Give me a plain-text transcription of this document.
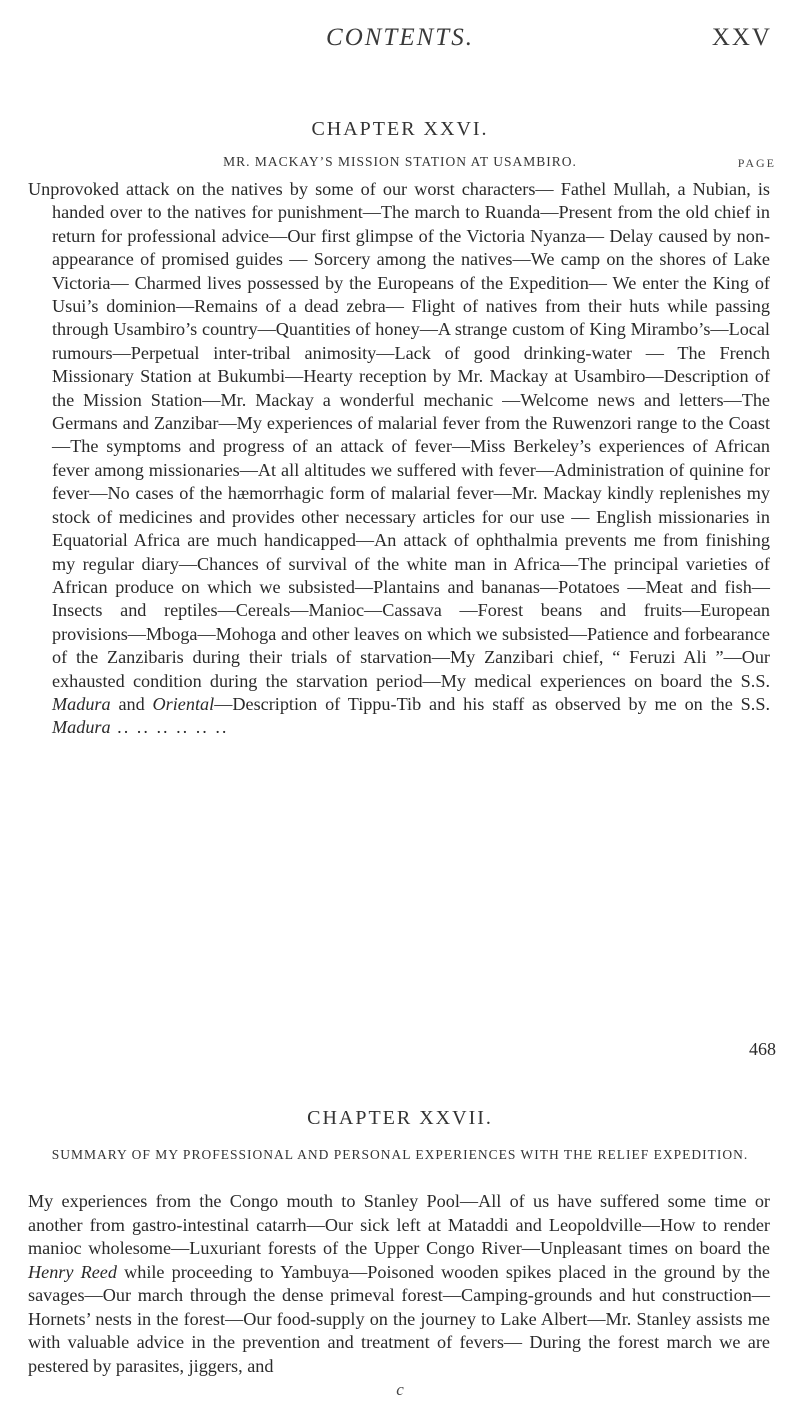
CONTENTS.	XXV
CHAPTER XXVI.
MR. MACKAY’S MISSION STATION AT USAMBIRO.	PAGE

Unprovoked attack on the natives by some of our worst characters— Fathel Mullah, a Nubian, is handed over to the natives for punishment—The march to Ruanda—Present from the old chief in return for professional advice—Our first glimpse of the Victoria Nyanza— Delay caused by non-appearance of promised guides — Sorcery among the natives—We camp on the shores of Lake Victoria— Charmed lives possessed by the Europeans of the Expedition— We enter the King of Usui’s dominion—Remains of a dead zebra— Flight of natives from their huts while passing through Usambiro’s country—Quantities of honey—A strange custom of King Mirambo’s—Local rumours—Perpetual inter-tribal animosity—Lack of good drinking-water — The French Missionary Station at Bukumbi—Hearty reception by Mr. Mackay at Usambiro—Description of the Mission Station—Mr. Mackay a wonderful mechanic —Welcome news and letters—The Germans and Zanzibar—My experiences of malarial fever from the Ruwenzori range to the Coast—The symptoms and progress of an attack of fever—Miss Berkeley’s experiences of African fever among missionaries—At all altitudes we suffered with fever—Administration of quinine for fever—No cases of the hæmorrhagic form of malarial fever—Mr. Mackay kindly replenishes my stock of medicines and provides other necessary articles for our use — English missionaries in Equatorial Africa are much handicapped—An attack of ophthalmia prevents me from finishing my regular diary—Chances of survival of the white man in Africa—The principal varieties of African produce on which we subsisted—Plantains and bananas—Potatoes —Meat and fish—Insects and reptiles—Cereals—Manioc—Cassava —Forest beans and fruits—European provisions—Mboga—Mohoga and other leaves on which we subsisted—Patience and forbearance of the Zanzibaris during their trials of starvation—My Zanzibari chief, “ Feruzi Ali ”—Our exhausted condition during the starvation period—My medical experiences on board the S.S. Madura and Oriental—Description of Tippu-Tib and his staff as observed by me on the S.S. Madura .. .. .. .. .. ..

468
CHAPTER XXVII.
SUMMARY OF MY PROFESSIONAL AND PERSONAL EXPERIENCES WITH THE RELIEF EXPEDITION.
My experiences from the Congo mouth to Stanley Pool—All of us have suffered some time or another from gastro-intestinal catarrh—Our sick left at Mataddi and Leopoldville—How to render manioc wholesome—Luxuriant forests of the Upper Congo River—Unpleasant times on board the Henry Reed while proceeding to Yambuya—Poisoned wooden spikes placed in the ground by the savages—Our march through the dense primeval forest—Camping-grounds and hut construction—Hornets’ nests in the forest—Our food-supply on the journey to Lake Albert—Mr. Stanley assists me with valuable advice in the prevention and treatment of fevers— During the forest march we are pestered by parasites, jiggers, and
c
